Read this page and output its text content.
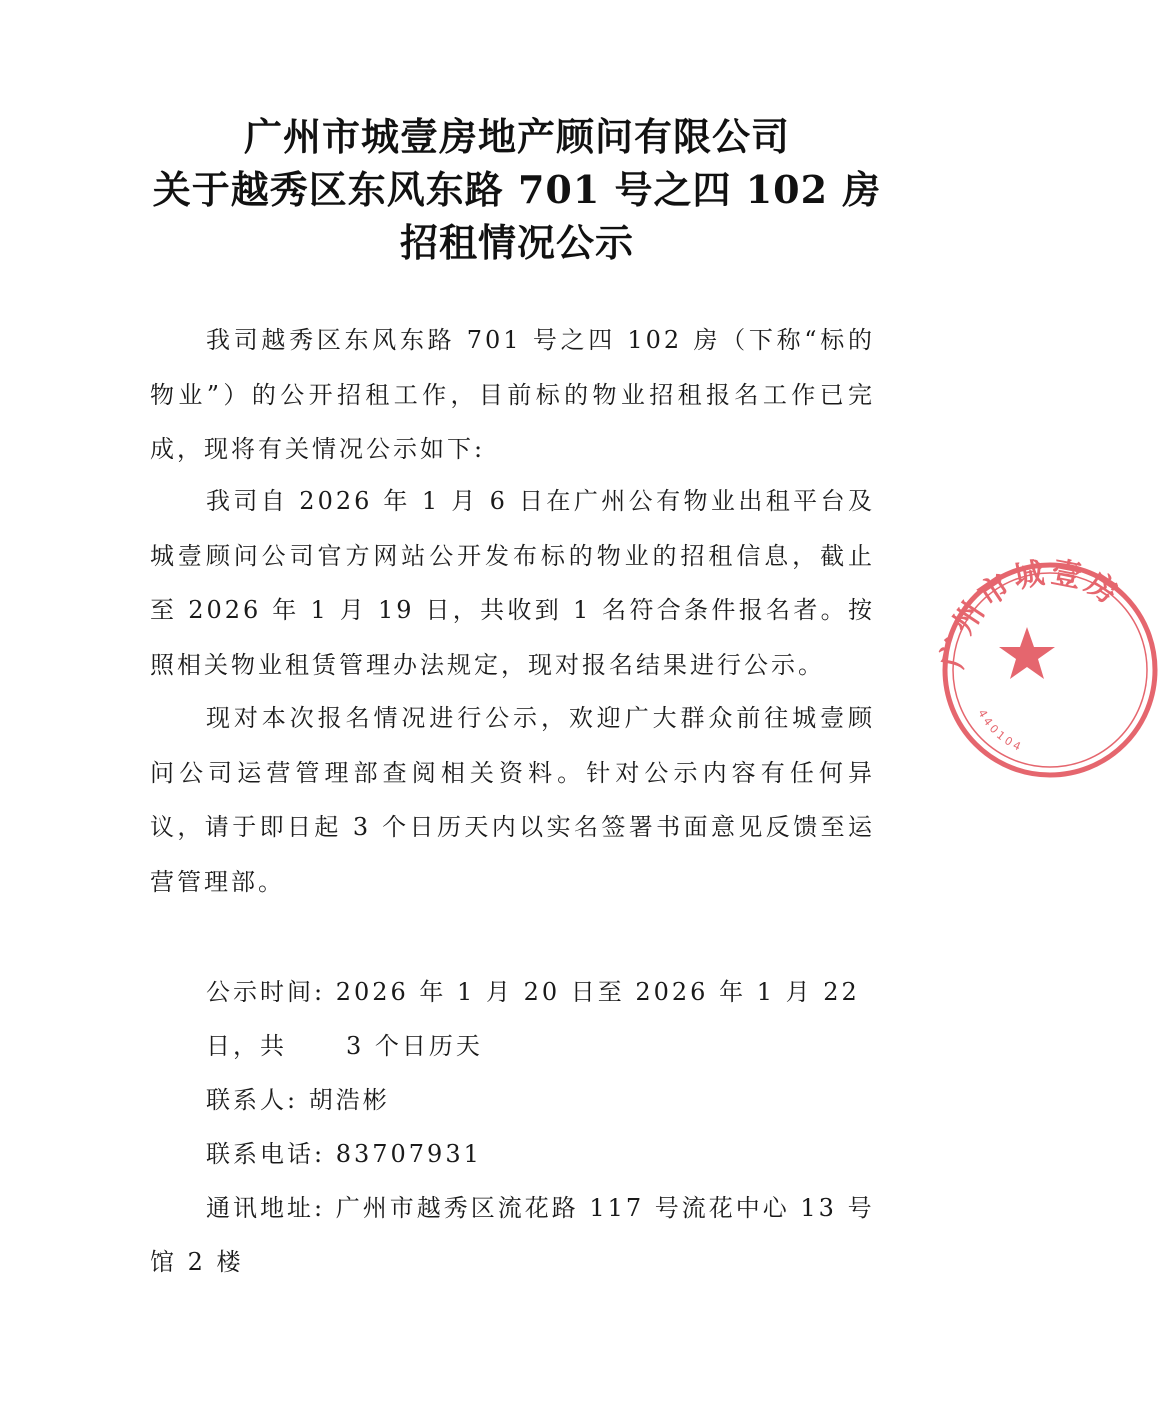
广州市城壹房地产顾问有限公司
关于越秀区东风东路 701 号之四 102 房
招租情况公示
我司越秀区东风东路 701 号之四 102 房（下称“标的物业”）的公开招租工作，目前标的物业招租报名工作已完成，现将有关情况公示如下:
我司自 2026 年 1 月 6 日在广州公有物业出租平台及城壹顾问公司官方网站公开发布标的物业的招租信息，截止至 2026 年 1 月 19 日，共收到 1 名符合条件报名者。按照相关物业租赁管理办法规定，现对报名结果进行公示。
现对本次报名情况进行公示，欢迎广大群众前往城壹顾问公司运营管理部查阅相关资料。针对公示内容有任何异议，请于即日起 3 个日历天内以实名签署书面意见反馈至运营管理部。
公示时间: 2026 年 1 月 20 日至 2026 年 1 月 22 日，共	3 个日历天
联系人: 胡浩彬
联系电话: 83707931
通讯地址: 广州市越秀区流花路 117 号流花中心 13 号
馆 2 楼
广州市城壹房
440104
